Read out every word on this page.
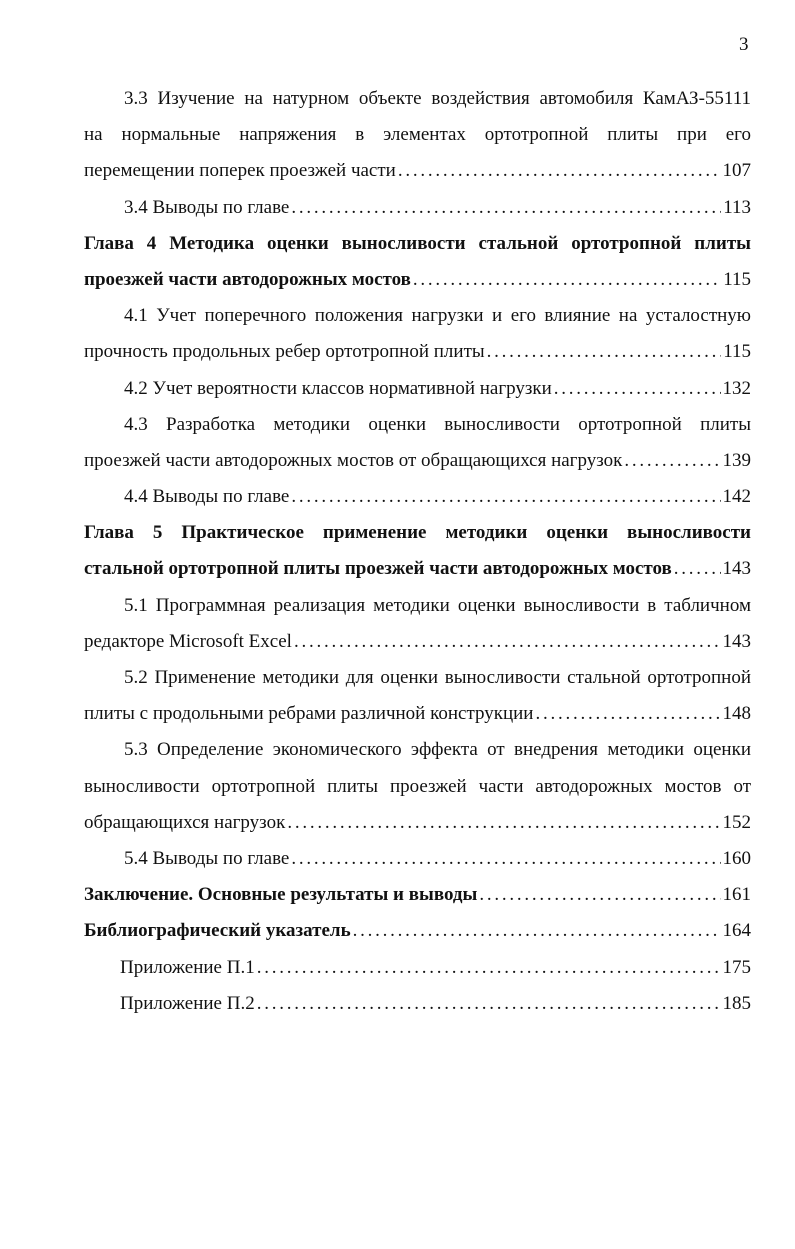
3
3.3 Изучение на натурном объекте воздействия автомобиля КамАЗ-55111
на нормальные напряжения в элементах ортотропной плиты при его
перемещении поперек проезжей части . . .	107
3.4 Выводы по главе . . .	113
Глава 4 Методика оценки выносливости стальной ортотропной плиты
проезжей части автодорожных мостов . . .	115
4.1 Учет поперечного положения нагрузки и его влияние на усталостную
прочность продольных ребер ортотропной плиты . . .	115
4.2 Учет вероятности классов нормативной нагрузки . . .	132
4.3 Разработка методики оценки выносливости ортотропной плиты
проезжей части автодорожных мостов от обращающихся нагрузок . . .	139
4.4 Выводы по главе . . .	142
Глава 5 Практическое применение методики оценки выносливости
стальной ортотропной плиты проезжей части автодорожных мостов . . .	143
5.1 Программная реализация методики оценки выносливости в табличном
редакторе Microsoft Excel . . .	143
5.2 Применение методики для оценки выносливости стальной ортотропной
плиты с продольными ребрами различной конструкции . . .	148
5.3 Определение экономического эффекта от внедрения методики оценки
выносливости ортотропной плиты проезжей части автодорожных мостов от
обращающихся нагрузок . . .	152
5.4 Выводы по главе . . .	160
Заключение. Основные результаты и выводы . . .	161
Библиографический указатель . . .	164
Приложение П.1 . . .	175
Приложение П.2 . . .	185
